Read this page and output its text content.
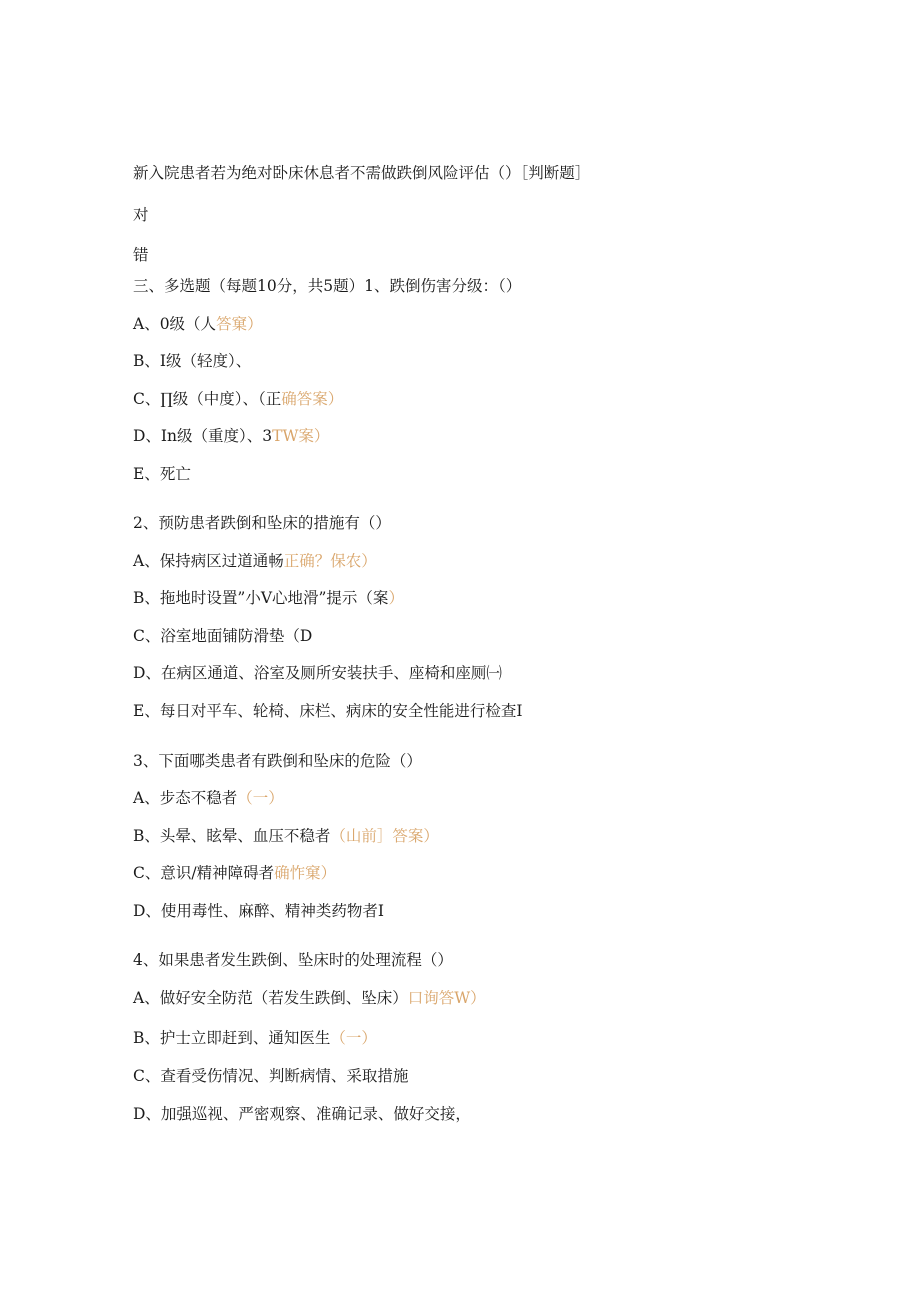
新入院患者若为绝对卧床休息者不需做跌倒风险评估（）［判断题］
对
错
三、多选题（每题10分，共5题）1、跌倒伤害分级：（）
A、0级（人答窠）
B、I级（轻度）、
C、∏级（中度）、（正确答案）
D、In级（重度）、3TW案）
E、死亡
2、预防患者跌倒和坠床的措施有（）
A、保持病区过道通畅正确？保农）
B、拖地时设置”小V心地滑”提示（案）
C、浴室地面铺防滑垫（D
D、在病区通道、浴室及厕所安装扶手、座椅和座厕㈠
E、每日对平车、轮椅、床栏、病床的安全性能进行检查I
3、下面哪类患者有跌倒和坠床的危险（）
A、步态不稳者（一）
B、头晕、眩晕、血压不稳者（山前］答案）
C、意识/精神障碍者确怍窠）
D、使用毒性、麻醉、精神类药物者I
4、如果患者发生跌倒、坠床时的处理流程（）
A、做好安全防范（若发生跌倒、坠床）口询答W）
B、护士立即赶到、通知医生（一）
C、查看受伤情况、判断病情、采取措施
D、加强巡视、严密观察、准确记录、做好交接，
